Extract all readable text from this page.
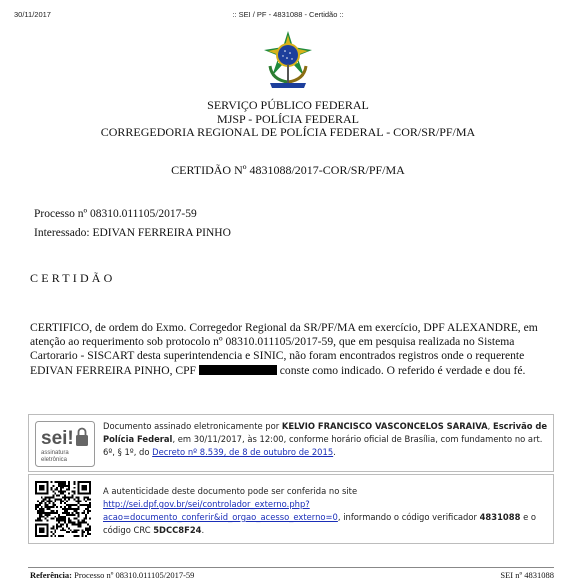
30/11/2017	:: SEI / PF - 4831088 - Certidão ::
SERVIÇO PÚBLICO FEDERAL
MJSP - POLÍCIA FEDERAL
CORREGEDORIA REGIONAL DE POLÍCIA FEDERAL - COR/SR/PF/MA
CERTIDÃO Nº 4831088/2017-COR/SR/PF/MA
Processo nº 08310.011105/2017-59
Interessado: EDIVAN FERREIRA PINHO
CERTIDÃO
CERTIFICO, de ordem do Exmo. Corregedor Regional da SR/PF/MA em exercício, DPF ALEXANDRE, em atenção ao requerimento sob protocolo nº 08310.011105/2017-59, que em pesquisa realizada no Sistema Cartorario - SISCART desta superintendencia e SINIC, não foram encontrados registros onde o requerente EDIVAN FERREIRA PINHO, CPF	conste como indicado. O referido é verdade e dou fé.
sei!
assinatura
eletrônica
Documento assinado eletronicamente por KELVIO FRANCISCO VASCONCELOS SARAIVA, Escrivão de Polícia Federal, em 30/11/2017, às 12:00, conforme horário oficial de Brasília, com fundamento no art. 6º, § 1º, do Decreto nº 8.539, de 8 de outubro de 2015.
A autenticidade deste documento pode ser conferida no site
http://sei.dpf.gov.br/sei/controlador_externo.php?
acao=documento_conferir&id_orgao_acesso_externo=0, informando o código verificador 4831088 e o código CRC 5DCC8F24.
Referência: Processo nº 08310.011105/2017-59	SEI nº 4831088
